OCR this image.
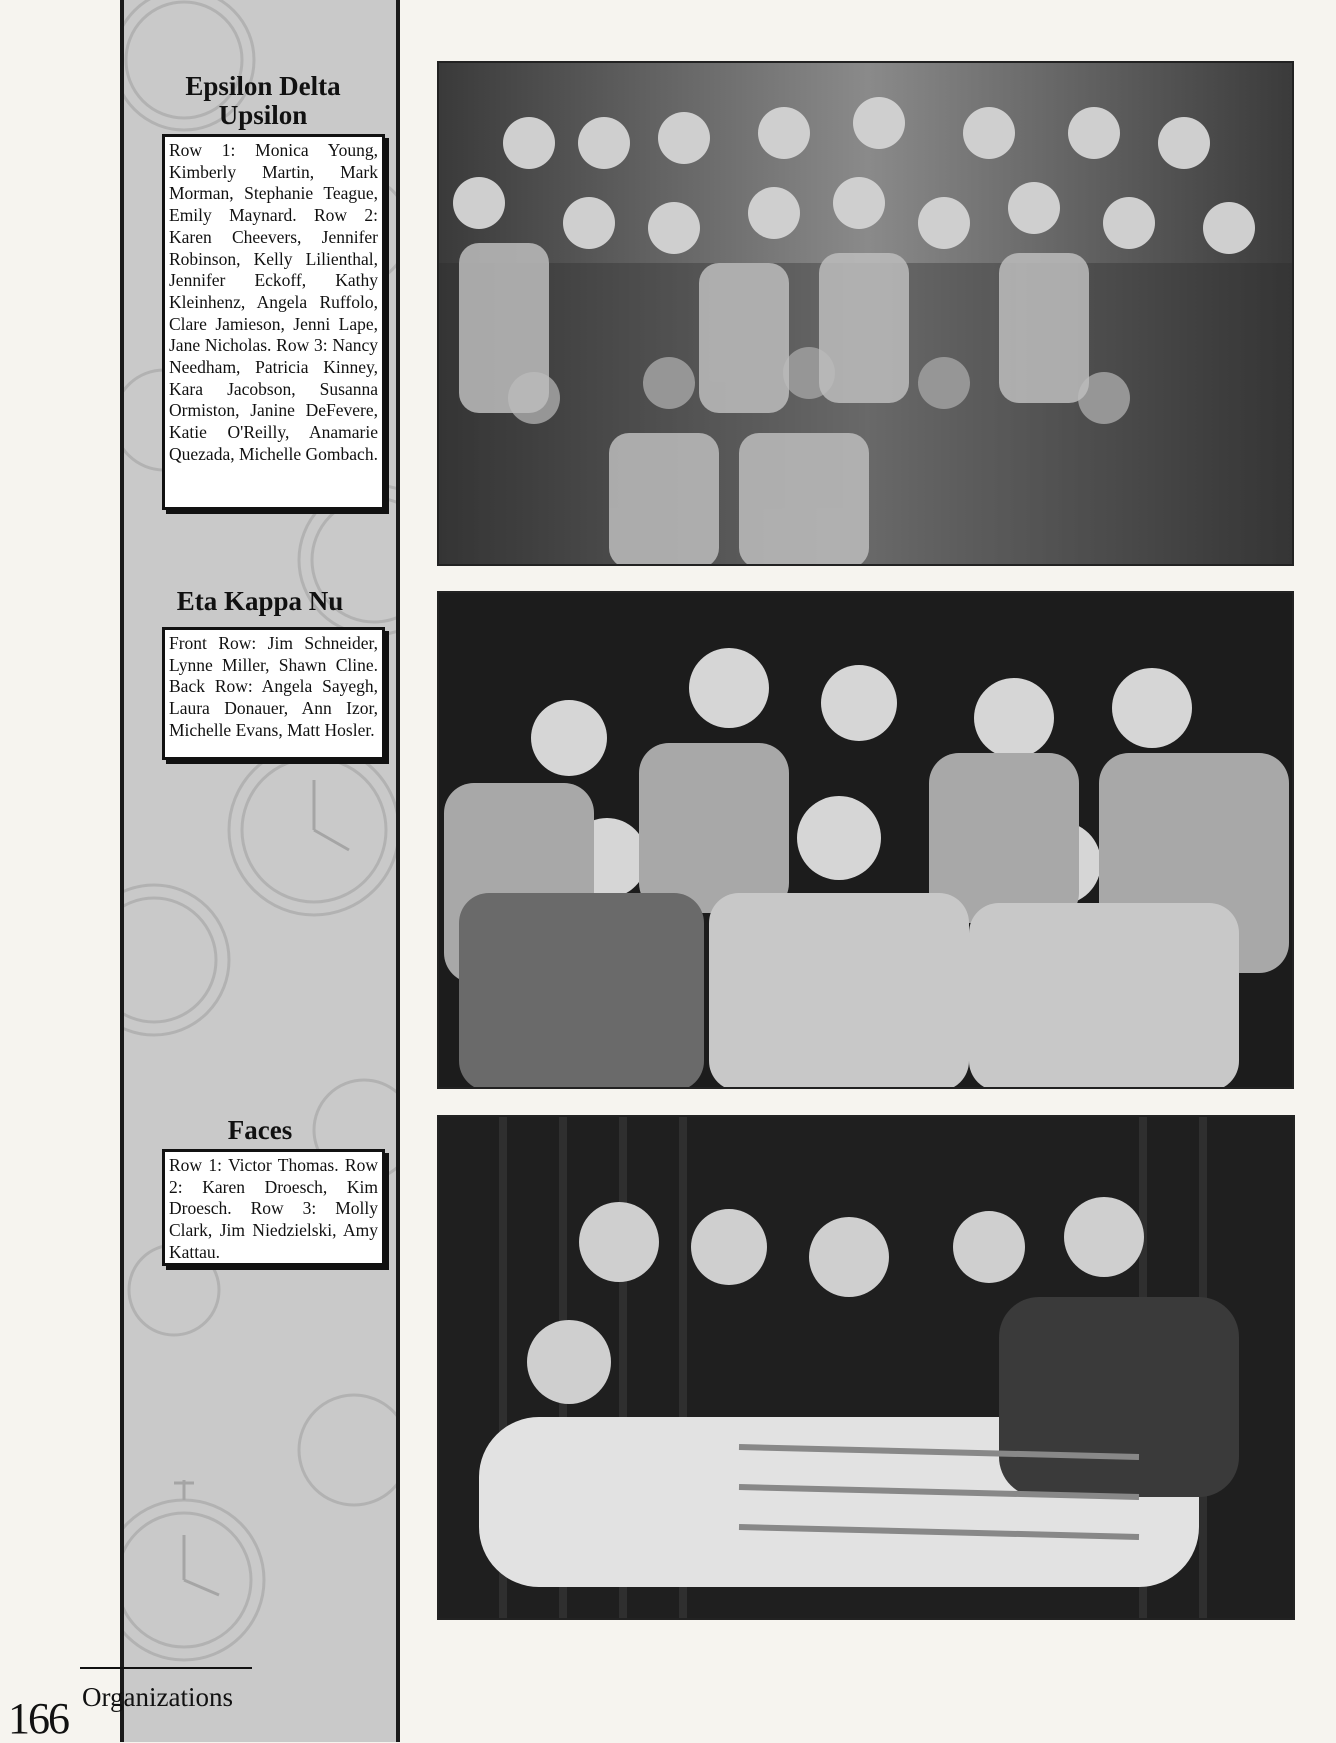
Epsilon Delta Upsilon
Row 1: Monica Young, Kimberly Martin, Mark Morman, Stephanie Teague, Emily Maynard. Row 2: Karen Cheevers, Jennifer Robinson, Kelly Lilienthal, Jennifer Eckoff, Kathy Kleinhenz, Angela Ruffolo, Clare Jamieson, Jenni Lape, Jane Nicholas. Row 3: Nancy Needham, Patricia Kinney, Kara Jacobson, Susanna Ormiston, Janine DeFevere, Katie O'Reilly, Anamarie Quezada, Michelle Gombach.
Eta Kappa Nu
Front Row: Jim Schneider, Lynne Miller, Shawn Cline. Back Row: Angela Sayegh, Laura Donauer, Ann Izor, Michelle Evans, Matt Hosler.
Faces
Row 1: Victor Thomas. Row 2: Karen Droesch, Kim Droesch. Row 3: Molly Clark, Jim Niedzielski, Amy Kattau.
166 Organizations
